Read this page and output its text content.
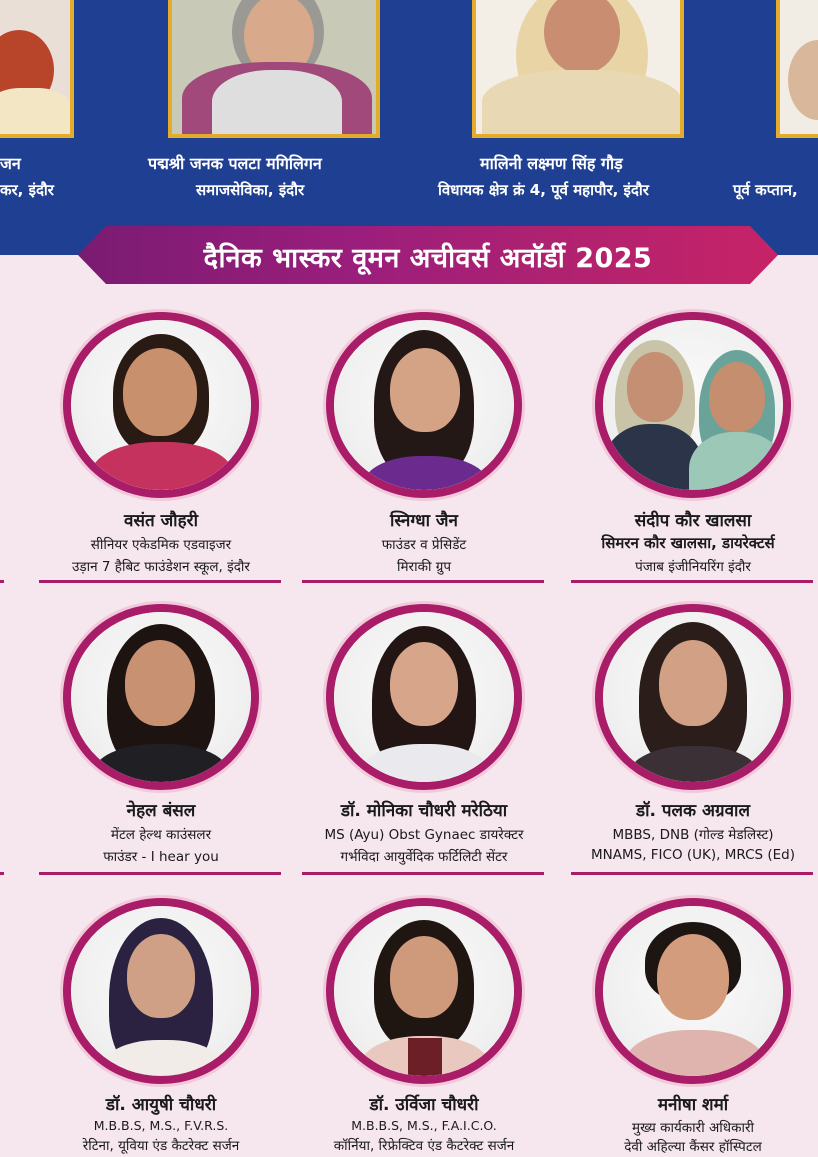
जन
कर, इंदौर
पद्मश्री जनक पलटा मगिलिगन
समाजसेविका, इंदौर
मालिनी लक्ष्मण सिंह गौड़
विधायक क्षेत्र क्रं 4, पूर्व महापौर, इंदौर	पूर्व कप्तान,
दैनिक भास्कर वूमन अचीवर्स अवॉर्डी 2025
वसंत जौहरी
सीनियर एकेडमिक एडवाइजर
उड़ान 7 हैबिट फाउंडेशन स्कूल, इंदौर
स्निग्धा जैन
फाउंडर व प्रेसिडेंट
मिराकी ग्रुप
संदीप कौर खालसा
सिमरन कौर खालसा, डायरेक्टर्स
पंजाब इंजीनियरिंग इंदौर
नेहल बंसल
मेंटल हेल्थ काउंसलर
फाउंडर - I hear you
डॉ. मोनिका चौधरी मरेठिया
MS (Ayu) Obst Gynaec डायरेक्टर
गर्भविदा आयुर्वेदिक फर्टिलिटी सेंटर
डॉ. पलक अग्रवाल
MBBS, DNB (गोल्ड मेडलिस्ट)
MNAMS, FICO (UK), MRCS (Ed)
डॉ. आयुषी चौधरी
M.B.B.S, M.S., F.V.R.S.
रेटिना, यूविया एंड कैटरेक्ट सर्जन
डॉ. उर्विजा चौधरी
M.B.B.S, M.S., F.A.I.C.O.
कॉर्निया, रिफ्रेक्टिव एंड कैटरेक्ट सर्जन
मनीषा शर्मा
मुख्य कार्यकारी अधिकारी
देवी अहिल्या कैंसर हॉस्पिटल
